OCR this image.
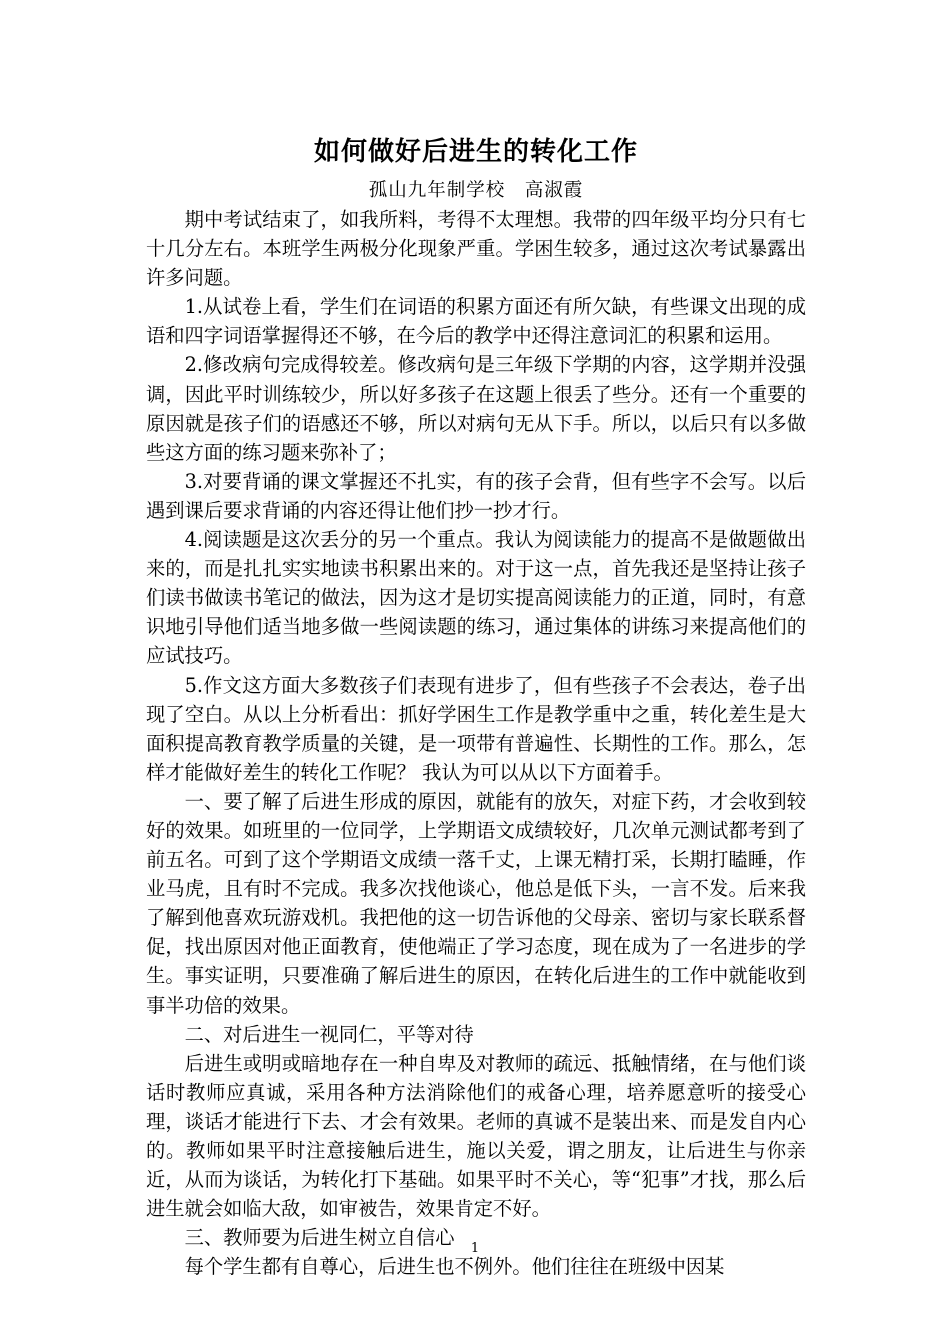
如何做好后进生的转化工作

孤山九年制学校　高淑霞

期中考试结束了，如我所料，考得不太理想。我带的四年级平均分只有七十几分左右。本班学生两极分化现象严重。学困生较多，通过这次考试暴露出许多问题。

1.从试卷上看，学生们在词语的积累方面还有所欠缺，有些课文出现的成语和四字词语掌握得还不够，在今后的教学中还得注意词汇的积累和运用。

2.修改病句完成得较差。修改病句是三年级下学期的内容，这学期并没强调，因此平时训练较少，所以好多孩子在这题上很丢了些分。还有一个重要的原因就是孩子们的语感还不够，所以对病句无从下手。所以，以后只有以多做些这方面的练习题来弥补了；

3.对要背诵的课文掌握还不扎实，有的孩子会背，但有些字不会写。以后遇到课后要求背诵的内容还得让他们抄一抄才行。

4.阅读题是这次丢分的另一个重点。我认为阅读能力的提高不是做题做出来的，而是扎扎实实地读书积累出来的。对于这一点，首先我还是坚持让孩子们读书做读书笔记的做法，因为这才是切实提高阅读能力的正道，同时，有意识地引导他们适当地多做一些阅读题的练习，通过集体的讲练习来提高他们的应试技巧。

5.作文这方面大多数孩子们表现有进步了，但有些孩子不会表达，卷子出现了空白。从以上分析看出：抓好学困生工作是教学重中之重，转化差生是大面积提高教育教学质量的关键，是一项带有普遍性、长期性的工作。那么，怎样才能做好差生的转化工作呢？ 我认为可以从以下方面着手。

一、要了解了后进生形成的原因，就能有的放矢，对症下药，才会收到较好的效果。如班里的一位同学，上学期语文成绩较好，几次单元测试都考到了前五名。可到了这个学期语文成绩一落千丈，上课无精打采，长期打瞌睡，作业马虎，且有时不完成。我多次找他谈心，他总是低下头，一言不发。后来我了解到他喜欢玩游戏机。我把他的这一切告诉他的父母亲、密切与家长联系督促，找出原因对他正面教育，使他端正了学习态度，现在成为了一名进步的学生。事实证明，只要准确了解后进生的原因，在转化后进生的工作中就能收到事半功倍的效果。

二、对后进生一视同仁，平等对待

后进生或明或暗地存在一种自卑及对教师的疏远、抵触情绪，在与他们谈话时教师应真诚，采用各种方法消除他们的戒备心理，培养愿意听的接受心理，谈话才能进行下去、才会有效果。老师的真诚不是装出来、而是发自内心的。教师如果平时注意接触后进生，施以关爱，谓之朋友，让后进生与你亲近，从而为谈话，为转化打下基础。如果平时不关心，等“犯事”才找，那么后进生就会如临大敌，如审被告，效果肯定不好。

三、教师要为后进生树立自信心

每个学生都有自尊心，后进生也不例外。他们往往在班级中因某

1
